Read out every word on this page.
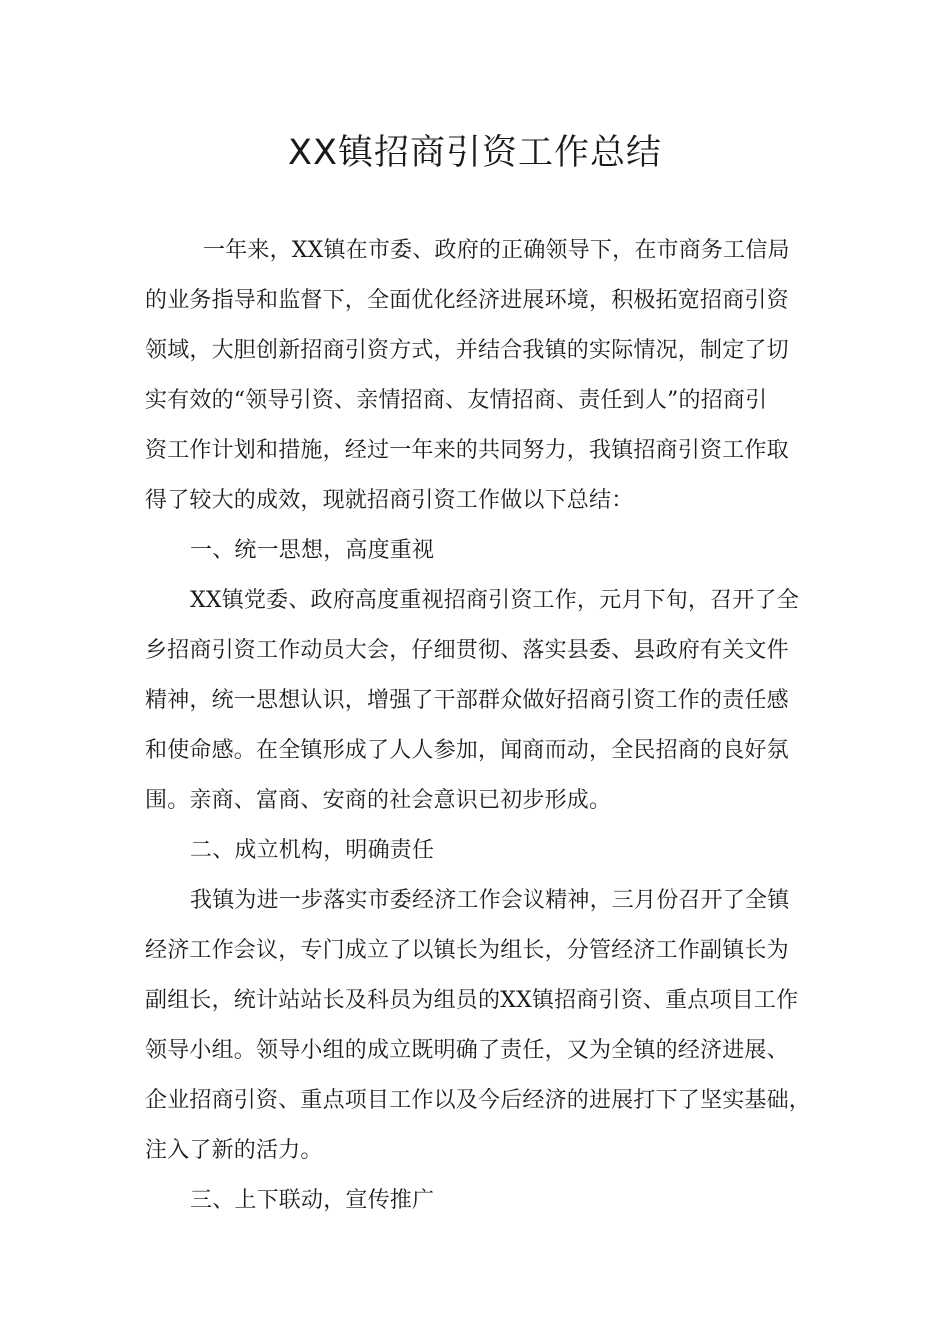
XX镇招商引资工作总结
一年来，XX镇在市委、政府的正确领导下，在市商务工信局
的业务指导和监督下，全面优化经济进展环境，积极拓宽招商引资
领域，大胆创新招商引资方式，并结合我镇的实际情况，制定了切
实有效的“领导引资、亲情招商、友情招商、责任到人”的招商引
资工作计划和措施，经过一年来的共同努力，我镇招商引资工作取
得了较大的成效，现就招商引资工作做以下总结：
一、统一思想，高度重视
XX镇党委、政府高度重视招商引资工作，元月下旬，召开了全
乡招商引资工作动员大会，仔细贯彻、落实县委、县政府有关文件
精神，统一思想认识，增强了干部群众做好招商引资工作的责任感
和使命感。在全镇形成了人人参加，闻商而动，全民招商的良好氛
围。亲商、富商、安商的社会意识已初步形成。
二、成立机构，明确责任
我镇为进一步落实市委经济工作会议精神，三月份召开了全镇
经济工作会议，专门成立了以镇长为组长，分管经济工作副镇长为
副组长，统计站站长及科员为组员的XX镇招商引资、重点项目工作
领导小组。领导小组的成立既明确了责任，又为全镇的经济进展、
企业招商引资、重点项目工作以及今后经济的进展打下了坚实基础，
注入了新的活力。
三、上下联动，宣传推广
